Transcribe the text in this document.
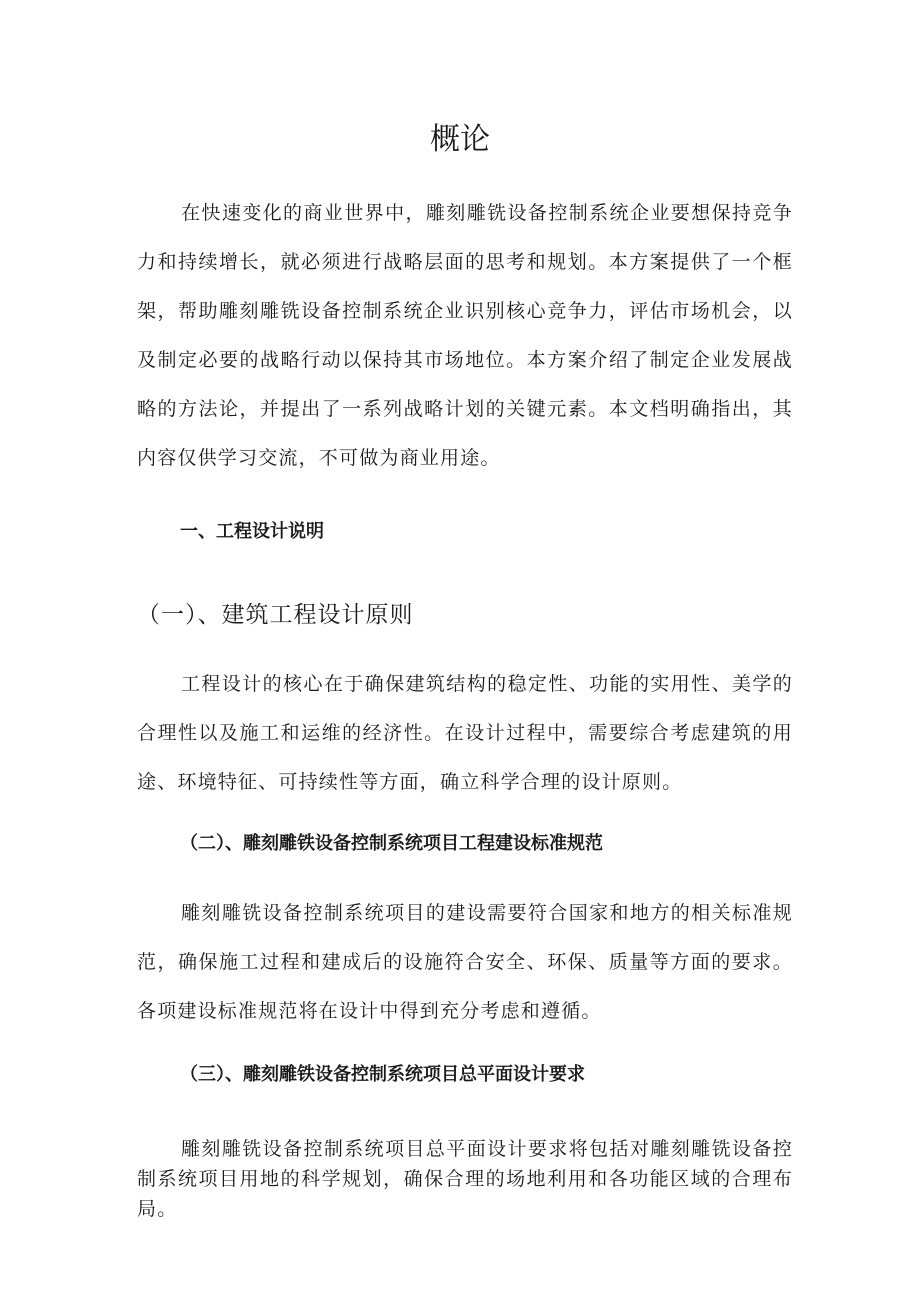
概论

在快速变化的商业世界中，雕刻雕铣设备控制系统企业要想保持竞争力和持续增长，就必须进行战略层面的思考和规划。本方案提供了一个框架，帮助雕刻雕铣设备控制系统企业识别核心竞争力，评估市场机会，以及制定必要的战略行动以保持其市场地位。本方案介绍了制定企业发展战略的方法论，并提出了一系列战略计划的关键元素。本文档明确指出，其内容仅供学习交流，不可做为商业用途。

一、工程设计说明
（一）、建筑工程设计原则

工程设计的核心在于确保建筑结构的稳定性、功能的实用性、美学的合理性以及施工和运维的经济性。在设计过程中，需要综合考虑建筑的用途、环境特征、可持续性等方面，确立科学合理的设计原则。

（二）、雕刻雕铁设备控制系统项目工程建设标准规范

雕刻雕铣设备控制系统项目的建设需要符合国家和地方的相关标准规范，确保施工过程和建成后的设施符合安全、环保、质量等方面的要求。各项建设标准规范将在设计中得到充分考虑和遵循。

（三）、雕刻雕铁设备控制系统项目总平面设计要求

雕刻雕铣设备控制系统项目总平面设计要求将包括对雕刻雕铣设备控制系统项目用地的科学规划，确保合理的场地利用和各功能区域的合理布局。
